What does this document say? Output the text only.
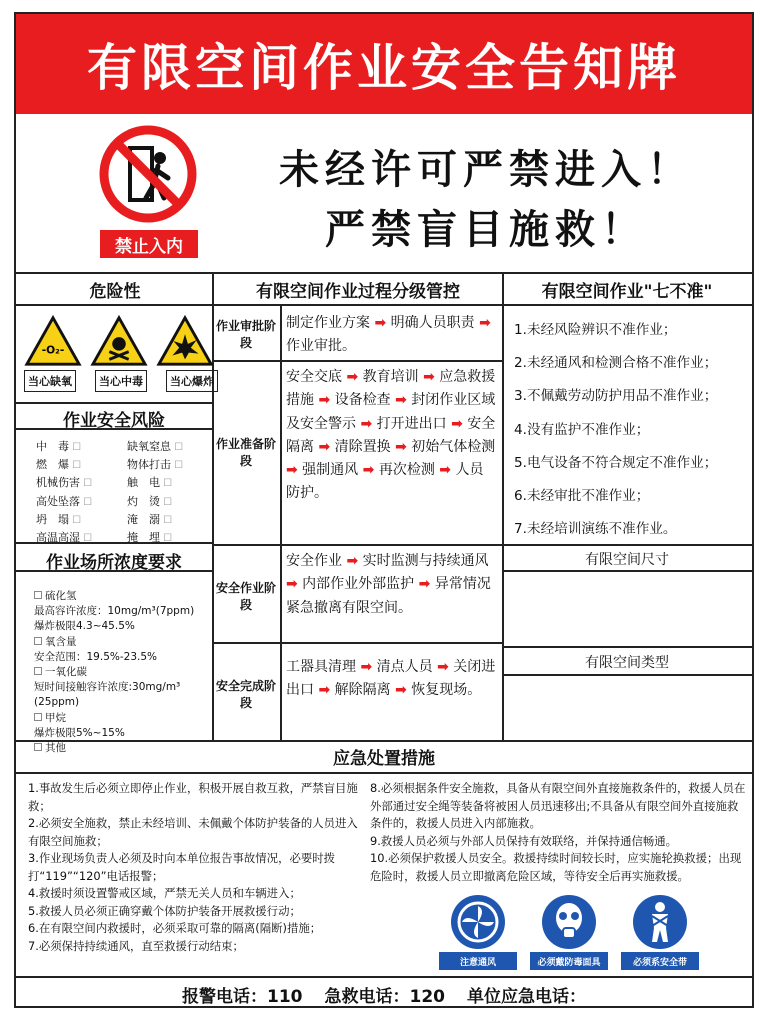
有限空间作业安全告知牌
禁止入内
未经许可严禁进入！
严禁盲目施救！
危险性	有限空间作业过程分级管控	有限空间作业"七不准"
-O₂-
当心缺氧	当心中毒	当心爆炸
作业安全风险
中　毒 ☐	缺氧窒息 ☐
燃　爆 ☐	物体打击 ☐
机械伤害 ☐	触　电 ☐
高处坠落 ☐	灼　烫 ☐
坍　塌 ☐	淹　溺 ☐
高温高湿 ☐	掩　埋 ☐
作业场所浓度要求
硫化氢
最高容许浓度：10mg/m³(7ppm)
爆炸极限4.3~45.5%
氧含量
安全范围：19.5%-23.5%
一氧化碳
短时间接触容许浓度:30mg/m³
(25ppm)
甲烷
爆炸极限5%~15%
其他
作业审批阶段
制定作业方案 ➡ 明确人员职责 ➡ 作业审批。
作业准备阶段
安全交底 ➡ 教育培训 ➡ 应急救援措施 ➡ 设备检查 ➡ 封闭作业区域及安全警示 ➡ 打开进出口 ➡ 安全隔离 ➡ 清除置换 ➡ 初始气体检测 ➡ 强制通风 ➡ 再次检测 ➡ 人员防护。
安全作业阶段
安全作业 ➡ 实时监测与持续通风 ➡ 内部作业外部监护 ➡ 异常情况紧急撤离有限空间。
安全完成阶段
工器具清理 ➡ 清点人员 ➡ 关闭进出口 ➡ 解除隔离 ➡ 恢复现场。
1.未经风险辨识不准作业；
2.未经通风和检测合格不准作业；
3.不佩戴劳动防护用品不准作业；
4.没有监护不准作业；
5.电气设备不符合规定不准作业；
6.未经审批不准作业；
7.未经培训演练不准作业。
有限空间尺寸
有限空间类型
应急处置措施
1.事故发生后必须立即停止作业，积极开展自救互救，严禁盲目施救；
2.必须安全施救，禁止未经培训、未佩戴个体防护装备的人员进入有限空间施救；
3.作业现场负责人必须及时向本单位报告事故情况，必要时拨打“119”“120”电话报警；
4.救援时须设置警戒区域，严禁无关人员和车辆进入；
5.救援人员必须正确穿戴个体防护装备开展救援行动；
6.在有限空间内救援时，必须采取可靠的隔离(隔断)措施；
7.必须保持持续通风，直至救援行动结束；
8.必须根据条件安全施救，具备从有限空间外直接施救条件的，救援人员在外部通过安全绳等装备将被困人员迅速移出;不具备从有限空间外直接施救条件的，救援人员进入内部施救。
9.救援人员必须与外部人员保持有效联络，并保持通信畅通。
10.必须保护救援人员安全。救援持续时间较长时，应实施轮换救援；出现危险时，救援人员立即撤离危险区域，等待安全后再实施救援。
注意通风	必须戴防毒面具	必须系安全带
报警电话：110 急救电话：120 单位应急电话：
